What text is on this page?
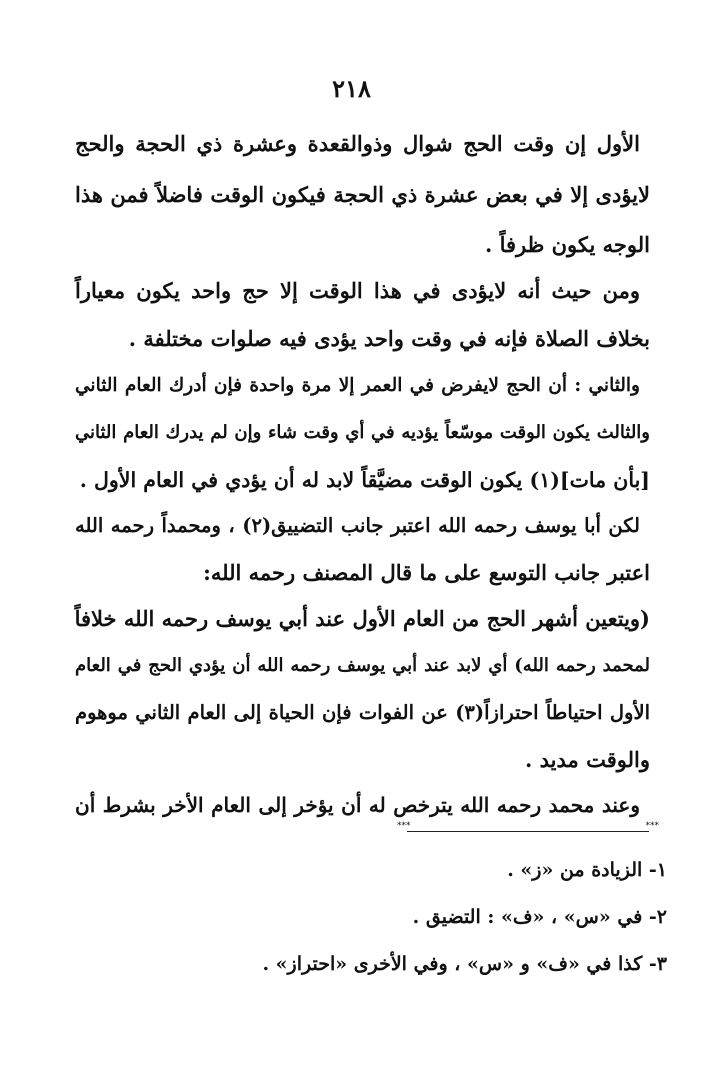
٢١٨
الأول إن وقت الحج شوال وذوالقعدة وعشرة ذي الحجة والحج
لايؤدى إلا في بعض عشرة ذي الحجة فيكون الوقت فاضلاً فمن هذا
الوجه يكون ظرفاً .
ومن حيث أنه لايؤدى في هذا الوقت إلا حج واحد يكون معياراً
بخلاف الصلاة فإنه في وقت واحد يؤدى فيه صلوات مختلفة .
والثاني : أن الحج لايفرض في العمر إلا مرة واحدة فإن أدرك العام الثاني
والثالث يكون الوقت موسّعاً يؤديه في أي وقت شاء وإن لم يدرك العام الثاني
[بأن مات](١) يكون الوقت مضيَّقاً لابد له أن يؤدي في العام الأول .
لكن أبا يوسف رحمه الله اعتبر جانب التضييق(٢) ، ومحمداً رحمه الله
اعتبر جانب التوسع على ما قال المصنف رحمه الله:
(ويتعين أشهر الحج من العام الأول عند أبي يوسف رحمه الله خلافاً
لمحمد رحمه الله) أي لابد عند أبي يوسف رحمه الله أن يؤدي الحج في العام
الأول احتياطاً احترازاً(٣) عن الفوات فإن الحياة إلى العام الثاني موهوم
والوقت مديد .
وعند محمد رحمه الله يترخص له أن يؤخر إلى العام الأخر بشرط أن
***	***
١- الزيادة من «ز» .
٢- في «س» ، «ف» : التضيق .
٣- كذا في «ف» و «س» ، وفي الأخرى «احتراز» .
